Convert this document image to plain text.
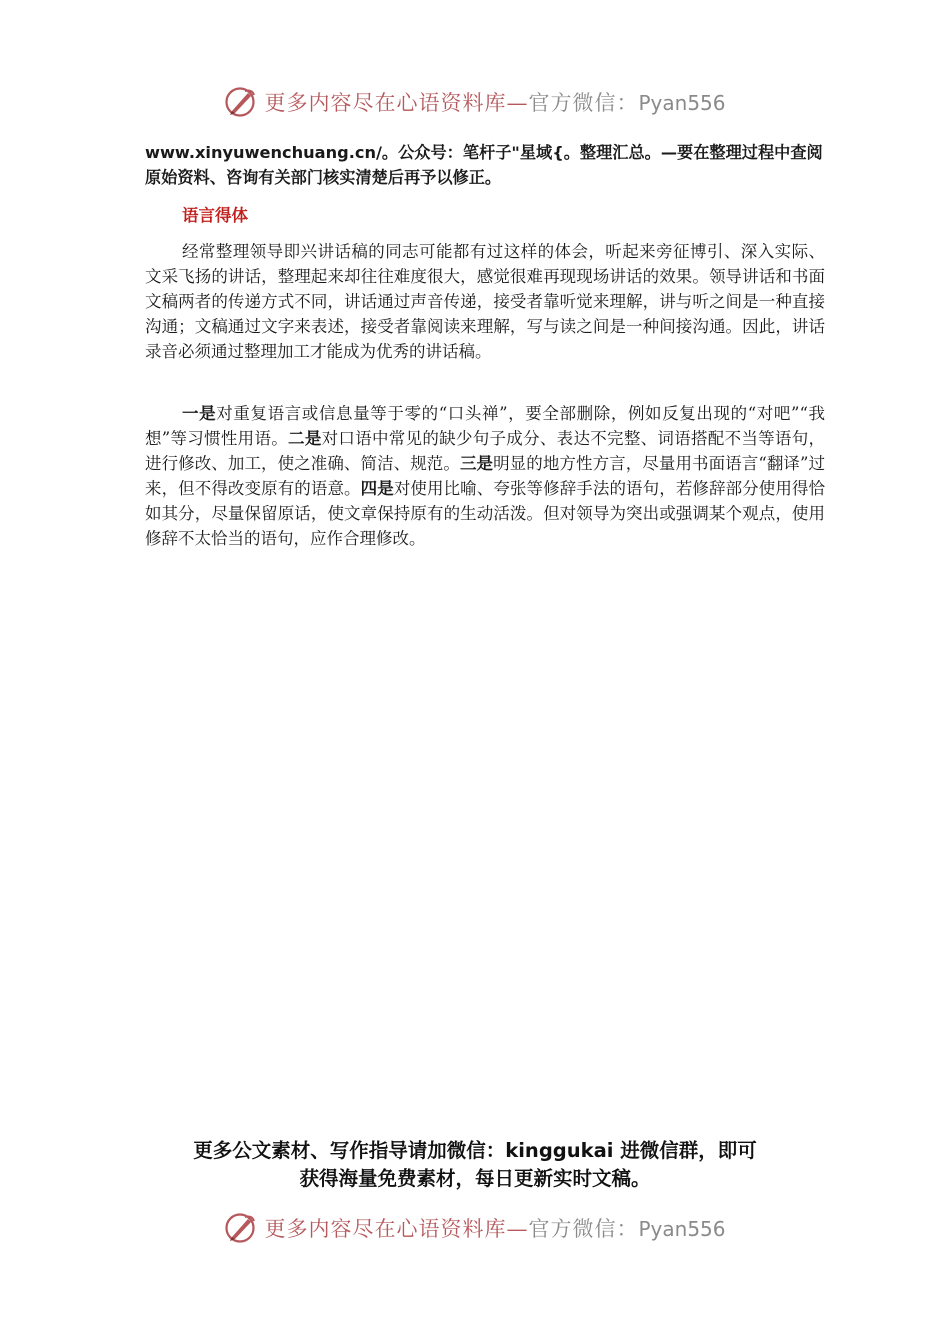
更多内容尽在心语资料库—官方微信：Pyan556
www.xinyuwenchuang.cn/。公众号：笔杆子"星域{。整理汇总。—要在整理过程中查阅原始资料、咨询有关部门核实清楚后再予以修正。
语言得体

经常整理领导即兴讲话稿的同志可能都有过这样的体会，听起来旁征博引、深入实际、文采飞扬的讲话，整理起来却往往难度很大，感觉很难再现现场讲话的效果。领导讲话和书面文稿两者的传递方式不同，讲话通过声音传递，接受者靠听觉来理解，讲与听之间是一种直接沟通；文稿通过文字来表述，接受者靠阅读来理解，写与读之间是一种间接沟通。因此，讲话录音必须通过整理加工才能成为优秀的讲话稿。

一是对重复语言或信息量等于零的“口头禅”，要全部删除，例如反复出现的“对吧”“我想”等习惯性用语。二是对口语中常见的缺少句子成分、表达不完整、词语搭配不当等语句，进行修改、加工，使之准确、简洁、规范。三是明显的地方性方言，尽量用书面语言“翻译”过来，但不得改变原有的语意。四是对使用比喻、夸张等修辞手法的语句，若修辞部分使用得恰如其分，尽量保留原话，使文章保持原有的生动活泼。但对领导为突出或强调某个观点，使用修辞不太恰当的语句，应作合理修改。

更多公文素材、写作指导请加微信：kinggukai 进微信群，即可
获得海量免费素材，每日更新实时文稿。
更多内容尽在心语资料库—官方微信：Pyan556
